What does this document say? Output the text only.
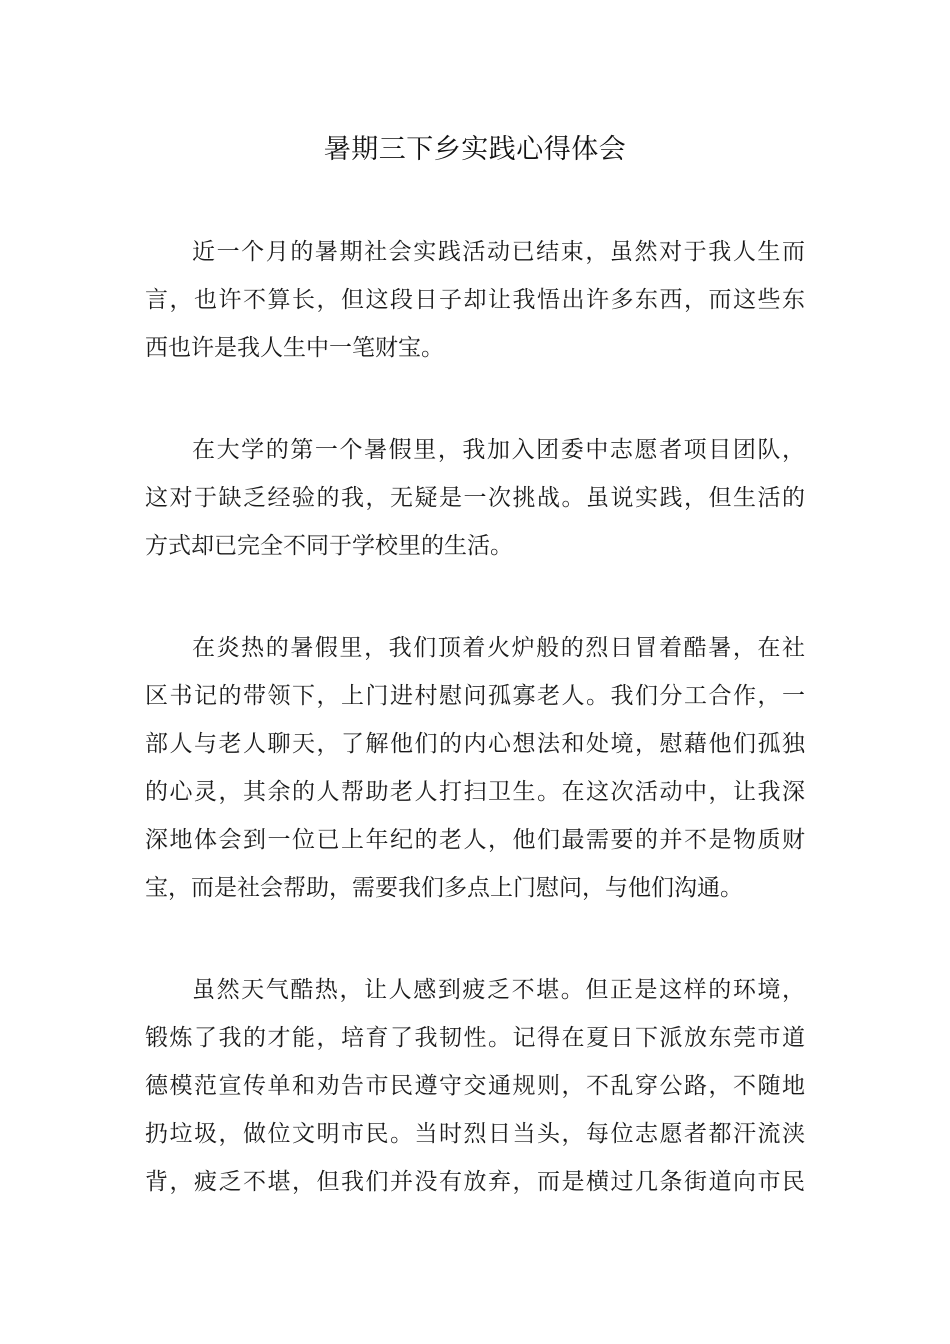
暑期三下乡实践心得体会
近一个月的暑期社会实践活动已结束，虽然对于我人生而
言，也许不算长，但这段日子却让我悟出许多东西，而这些东
西也许是我人生中一笔财宝。
在大学的第一个暑假里，我加入团委中志愿者项目团队，
这对于缺乏经验的我，无疑是一次挑战。虽说实践，但生活的
方式却已完全不同于学校里的生活。
在炎热的暑假里，我们顶着火炉般的烈日冒着酷暑，在社
区书记的带领下，上门进村慰问孤寡老人。我们分工合作，一
部人与老人聊天，了解他们的内心想法和处境，慰藉他们孤独
的心灵，其余的人帮助老人打扫卫生。在这次活动中，让我深
深地体会到一位已上年纪的老人，他们最需要的并不是物质财
宝，而是社会帮助，需要我们多点上门慰问，与他们沟通。
虽然天气酷热，让人感到疲乏不堪。但正是这样的环境，
锻炼了我的才能，培育了我韧性。记得在夏日下派放东莞市道
德模范宣传单和劝告市民遵守交通规则，不乱穿公路，不随地
扔垃圾，做位文明市民。当时烈日当头，每位志愿者都汗流浃
背，疲乏不堪，但我们并没有放弃，而是横过几条街道向市民
